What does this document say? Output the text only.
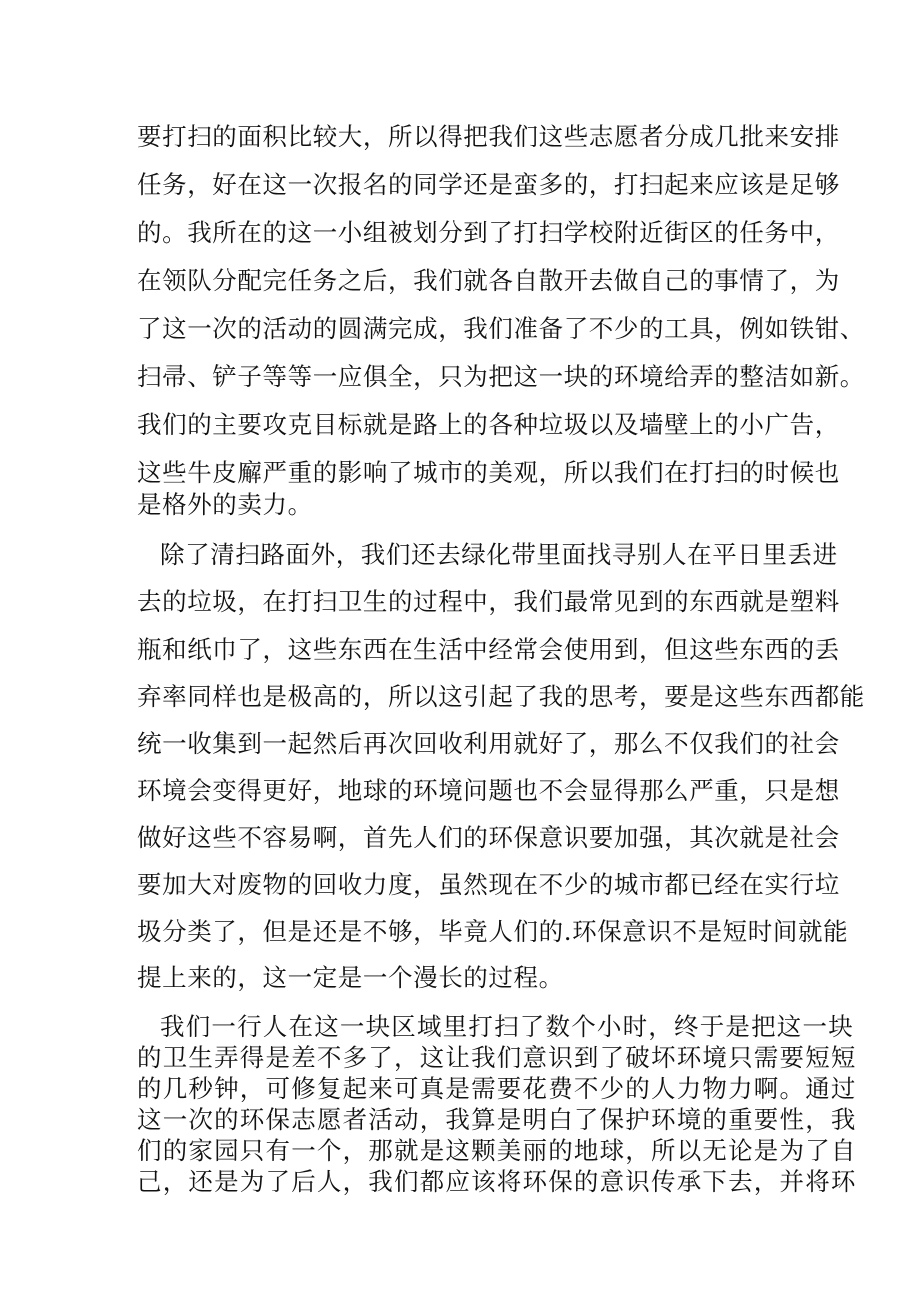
要打扫的面积比较大，所以得把我们这些志愿者分成几批来安排
任务，好在这一次报名的同学还是蛮多的，打扫起来应该是足够
的。我所在的这一小组被划分到了打扫学校附近街区的任务中，
在领队分配完任务之后，我们就各自散开去做自己的事情了，为
了这一次的活动的圆满完成，我们准备了不少的工具，例如铁钳、
扫帚、铲子等等一应俱全，只为把这一块的环境给弄的整洁如新。
我们的主要攻克目标就是路上的各种垃圾以及墙壁上的小广告，
这些牛皮廨严重的影响了城市的美观，所以我们在打扫的时候也
是格外的卖力。
除了清扫路面外，我们还去绿化带里面找寻别人在平日里丢进
去的垃圾，在打扫卫生的过程中，我们最常见到的东西就是塑料
瓶和纸巾了，这些东西在生活中经常会使用到，但这些东西的丢
弃率同样也是极高的，所以这引起了我的思考，要是这些东西都能
统一收集到一起然后再次回收利用就好了，那么不仅我们的社会
环境会变得更好，地球的环境问题也不会显得那么严重，只是想
做好这些不容易啊，首先人们的环保意识要加强，其次就是社会
要加大对废物的回收力度，虽然现在不少的城市都已经在实行垃
圾分类了，但是还是不够，毕竟人们的.环保意识不是短时间就能
提上来的，这一定是一个漫长的过程。
我们一行人在这一块区域里打扫了数个小时，终于是把这一块
的卫生弄得是差不多了，这让我们意识到了破坏环境只需要短短
的几秒钟，可修复起来可真是需要花费不少的人力物力啊。通过
这一次的环保志愿者活动，我算是明白了保护环境的重要性，我
们的家园只有一个，那就是这颗美丽的地球，所以无论是为了自
己，还是为了后人，我们都应该将环保的意识传承下去，并将环
